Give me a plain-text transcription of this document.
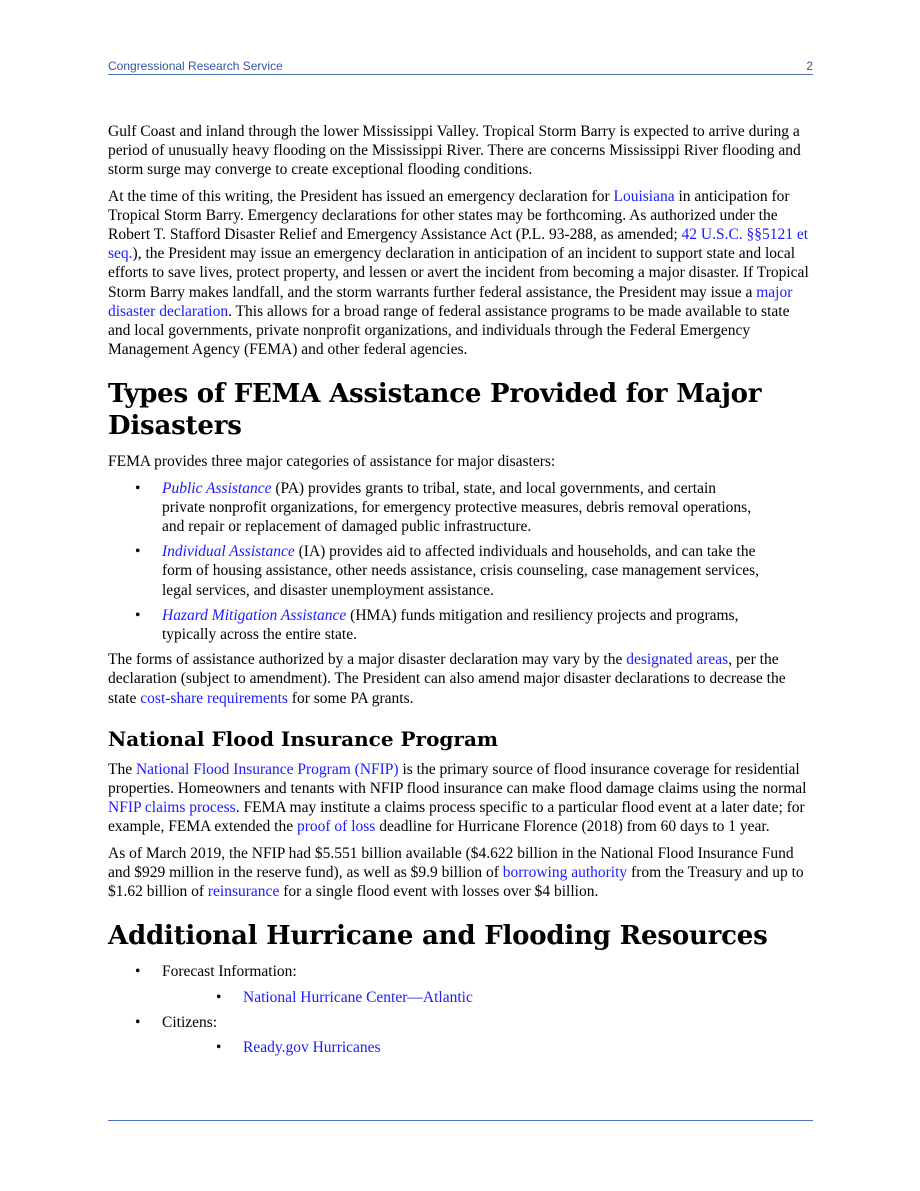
Congressional Research Service	2

Gulf Coast and inland through the lower Mississippi Valley. Tropical Storm Barry is expected to arrive during a period of unusually heavy flooding on the Mississippi River. There are concerns Mississippi River flooding and storm surge may converge to create exceptional flooding conditions.

At the time of this writing, the President has issued an emergency declaration for Louisiana in anticipation for Tropical Storm Barry. Emergency declarations for other states may be forthcoming. As authorized under the Robert T. Stafford Disaster Relief and Emergency Assistance Act (P.L. 93-288, as amended; 42 U.S.C. §§5121 et seq.), the President may issue an emergency declaration in anticipation of an incident to support state and local efforts to save lives, protect property, and lessen or avert the incident from becoming a major disaster. If Tropical Storm Barry makes landfall, and the storm warrants further federal assistance, the President may issue a major disaster declaration. This allows for a broad range of federal assistance programs to be made available to state and local governments, private nonprofit organizations, and individuals through the Federal Emergency Management Agency (FEMA) and other federal agencies.

Types of FEMA Assistance Provided for Major Disasters

FEMA provides three major categories of assistance for major disasters:

• Public Assistance (PA) provides grants to tribal, state, and local governments, and certain private nonprofit organizations, for emergency protective measures, debris removal operations, and repair or replacement of damaged public infrastructure.
• Individual Assistance (IA) provides aid to affected individuals and households, and can take the form of housing assistance, other needs assistance, crisis counseling, case management services, legal services, and disaster unemployment assistance.
• Hazard Mitigation Assistance (HMA) funds mitigation and resiliency projects and programs, typically across the entire state.

The forms of assistance authorized by a major disaster declaration may vary by the designated areas, per the declaration (subject to amendment). The President can also amend major disaster declarations to decrease the state cost-share requirements for some PA grants.

National Flood Insurance Program

The National Flood Insurance Program (NFIP) is the primary source of flood insurance coverage for residential properties. Homeowners and tenants with NFIP flood insurance can make flood damage claims using the normal NFIP claims process. FEMA may institute a claims process specific to a particular flood event at a later date; for example, FEMA extended the proof of loss deadline for Hurricane Florence (2018) from 60 days to 1 year.

As of March 2019, the NFIP had $5.551 billion available ($4.622 billion in the National Flood Insurance Fund and $929 million in the reserve fund), as well as $9.9 billion of borrowing authority from the Treasury and up to $1.62 billion of reinsurance for a single flood event with losses over $4 billion.

Additional Hurricane and Flooding Resources
• Forecast Information:
• National Hurricane Center—Atlantic
• Citizens:
• Ready.gov Hurricanes
